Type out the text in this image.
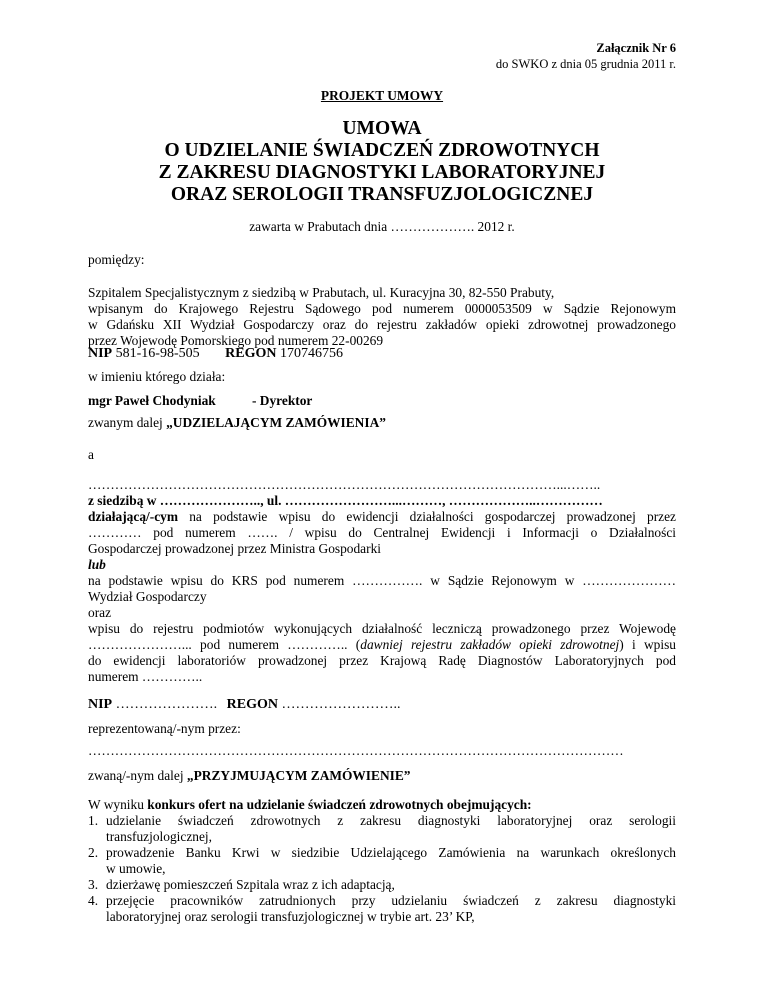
Załącznik Nr 6
do SWKO z dnia 05 grudnia 2011 r.
PROJEKT UMOWY
UMOWA
O UDZIELANIE ŚWIADCZEŃ ZDROWOTNYCH
Z ZAKRESU DIAGNOSTYKI LABORATORYJNEJ
ORAZ SEROLOGII TRANSFUZJOLOGICZNEJ
zawarta w Prabutach dnia ………………. 2012 r.
pomiędzy:
Szpitalem Specjalistycznym z siedzibą w Prabutach, ul. Kuracyjna 30, 82-550 Prabuty,
wpisanym do Krajowego Rejestru Sądowego pod numerem 0000053509 w Sądzie Rejonowym
w Gdańsku XII Wydział Gospodarczy oraz do rejestru zakładów opieki zdrowotnej prowadzonego
przez Wojewodę Pomorskiego pod numerem 22-00269
NIP 581-16-98-505 REGON 170746756
w imieniu którego działa:
mgr Paweł Chodyniak	- Dyrektor
zwanym dalej „UDZIELAJĄCYM ZAMÓWIENIA”
a
……………………………………………………………………………………………...……..
z siedzibą w ………………….., ul. ……………………...………, ………………..……………
działającą/-cym na podstawie wpisu do ewidencji działalności gospodarczej prowadzonej przez
………… pod numerem ……. / wpisu do Centralnej Ewidencji i Informacji o Działalności
Gospodarczej prowadzonej przez Ministra Gospodarki
lub
na podstawie wpisu do KRS pod numerem ……………. w Sądzie Rejonowym w …………………
Wydział Gospodarczy
oraz
wpisu do rejestru podmiotów wykonujących działalność leczniczą prowadzonego przez Wojewodę
…………………... pod numerem ………….. (dawniej rejestru zakładów opieki zdrowotnej) i wpisu
do ewidencji laboratoriów prowadzonej przez Krajową Radę Diagnostów Laboratoryjnych pod
numerem …………..
NIP …………………. REGON ……………………..
reprezentowaną/-nym przez:
…………………………………………………………………………………………………………
zwaną/-nym dalej „PRZYJMUJĄCYM ZAMÓWIENIE”
W wyniku konkurs ofert na udzielanie świadczeń zdrowotnych obejmujących:
1. udzielanie świadczeń zdrowotnych z zakresu diagnostyki laboratoryjnej oraz serologii
transfuzjologicznej,
2. prowadzenie Banku Krwi w siedzibie Udzielającego Zamówienia na warunkach określonych
w umowie,
3. dzierżawę pomieszczeń Szpitala wraz z ich adaptacją,
4. przejęcie pracowników zatrudnionych przy udzielaniu świadczeń z zakresu diagnostyki
laboratoryjnej oraz serologii transfuzjologicznej w trybie art. 23’ KP,
